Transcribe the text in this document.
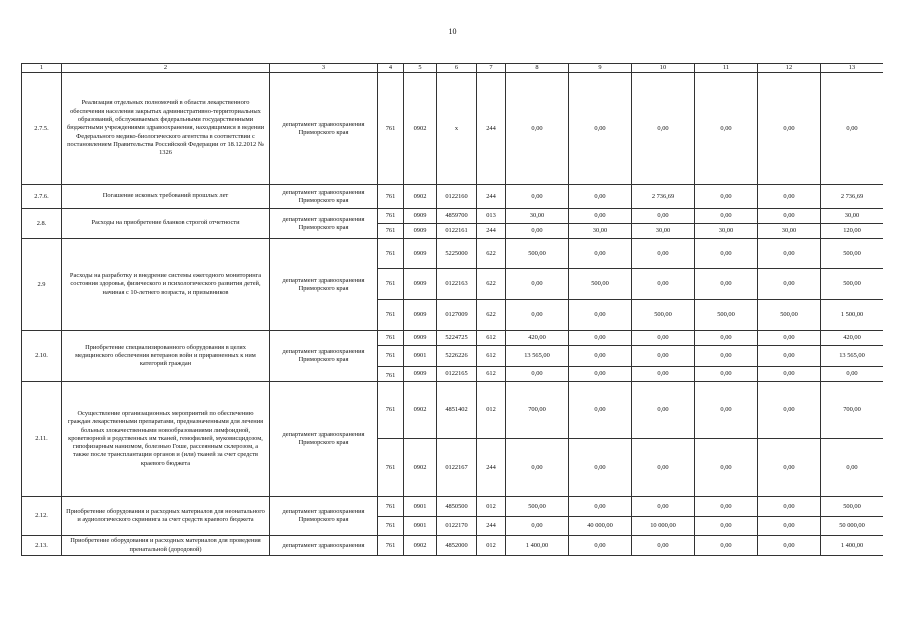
10
1	2	3	4	5	6	7	8	9	10	11	12	13
2.7.5.	Реализация отдельных полномочий в области лекарственного обеспечения населения закрытых административно-территориальных образований, обслуживаемых федеральными государственными бюджетными учреждениями здравоохранения, находящимися в ведении Федерального медико-биологического агентства в соответствии с постановлением Правительства Российской Федерации от 18.12.2012 № 1326	департамент здравоохранения Приморского края	761	0902	х	244	0,00	0,00	0,00	0,00	0,00	0,00
2.7.6.	Погашение исковых требований прошлых лет	департамент здравоохранения Приморского края	761	0902	0122160	244	0,00	0,00	2 736,69	0,00	0,00	2 736,69
2.8.	Расходы на приобретение бланков строгой отчетности	департамент здравоохранения Приморского края	761	0909	4859700	013	30,00	0,00	0,00	0,00	0,00	30,00
			761	0909	0122161	244	0,00	30,00	30,00	30,00	30,00	120,00
2.9	Расходы на разработку и внедрение системы ежегодного мониторинга состояния здоровья, физического и психологического развития детей, начиная с 10-летнего возраста, и призывников	департамент здравоохранения Приморского края	761	0909	5225000	622	500,00	0,00	0,00	0,00	0,00	500,00
			761	0909	0122163	622	0,00	500,00	0,00	0,00	0,00	500,00
			761	0909	0127009	622	0,00	0,00	500,00	500,00	500,00	1 500,00
2.10.	Приобретение специализированного оборудования в целях медицинского обеспечения ветеранов войн и приравненных к ним категорий граждан	департамент здравоохранения Приморского края	761	0909	5224725	612	420,00	0,00	0,00	0,00	0,00	420,00
			761	0901	5226226	612	13 565,00	0,00	0,00	0,00	0,00	13 565,00
			761	0909	0122165	612	0,00	0,00	0,00	0,00	0,00	0,00
2.11.	Осуществление организационных мероприятий по обеспечению граждан лекарственными препаратами, предназначенными для лечения больных злокачественными новообразованиями лимфоидной, кроветворной и родственных им тканей, гемофилией, муковисцидозом, гипофизарным нанизмом, болезнью Гоше, рассеянным склерозом, а также после трансплантации органов и (или) тканей за счет средств краевого бюджета	департамент здравоохранения Приморского края	761	0902	4851402	012	700,00	0,00	0,00	0,00	0,00	700,00
			761	0902	0122167	244	0,00	0,00	0,00	0,00	0,00	0,00
2.12.	Приобретение оборудования и расходных материалов для неонатального и аудиологического скрининга за счет средств краевого бюджета	департамент здравоохранения Приморского края	761	0901	4850500	012	500,00	0,00	0,00	0,00	0,00	500,00
			761	0901	0122170	244	0,00	40 000,00	10 000,00	0,00	0,00	50 000,00
2.13.	Приобретение оборудования и расходных материалов для проведения пренатальной (дородовой)	департамент здравоохранения	761	0902	4852000	012	1 400,00	0,00	0,00	0,00	0,00	1 400,00
